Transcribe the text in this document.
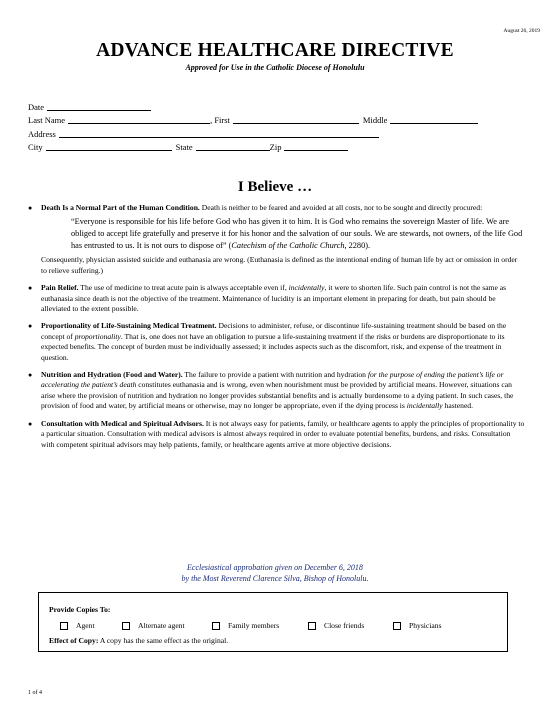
August 26, 2019
ADVANCE HEALTHCARE DIRECTIVE
Approved for Use in the Catholic Diocese of Honolulu
Date
Last Name	, First	Middle
Address
City	State	Zip
I Believe …
● Death Is a Normal Part of the Human Condition. Death is neither to be feared and avoided at all costs, nor to be sought and directly procured:
“Everyone is responsible for his life before God who has given it to him. It is God who remains the sovereign Master of life. We are obliged to accept life gratefully and preserve it for his honor and the salvation of our souls. We are stewards, not owners, of the life God has entrusted to us. It is not ours to dispose of” (Catechism of the Catholic Church, 2280).
Consequently, physician assisted suicide and euthanasia are wrong. (Euthanasia is defined as the intentional ending of human life by act or omission in order to relieve suffering.)
● Pain Relief. The use of medicine to treat acute pain is always acceptable even if, incidentally, it were to shorten life. Such pain control is not the same as euthanasia since death is not the objective of the treatment. Maintenance of lucidity is an important element in preparing for death, but pain should be alleviated to the extent possible.
● Proportionality of Life-Sustaining Medical Treatment. Decisions to administer, refuse, or discontinue life-sustaining treatment should be based on the concept of proportionality. That is, one does not have an obligation to pursue a life-sustaining treatment if the risks or burdens are disproportionate to its expected benefits. The concept of burden must be individually assessed; it includes aspects such as the discomfort, risk, and expense of the treatment in question.
● Nutrition and Hydration (Food and Water). The failure to provide a patient with nutrition and hydration for the purpose of ending the patient’s life or accelerating the patient’s death constitutes euthanasia and is wrong, even when nourishment must be provided by artificial means. However, situations can arise where the provision of nutrition and hydration no longer provides substantial benefits and is actually burdensome to a dying patient. In such cases, the provision of food and water, by artificial means or otherwise, may no longer be appropriate, even if the dying process is incidentally hastened.
● Consultation with Medical and Spiritual Advisors. It is not always easy for patients, family, or healthcare agents to apply the principles of proportionality to a particular situation. Consultation with medical advisors is almost always required in order to evaluate potential benefits, burdens, and risks. Consultation with competent spiritual advisors may help patients, family, or healthcare agents arrive at more objective decisions.
Ecclesiastical approbation given on December 6, 2018
by the Most Reverend Clarence Silva, Bishop of Honolulu.
Provide Copies To:
Agent	Alternate agent	Family members	Close friends	Physicians
Effect of Copy: A copy has the same effect as the original.
1 of 4
